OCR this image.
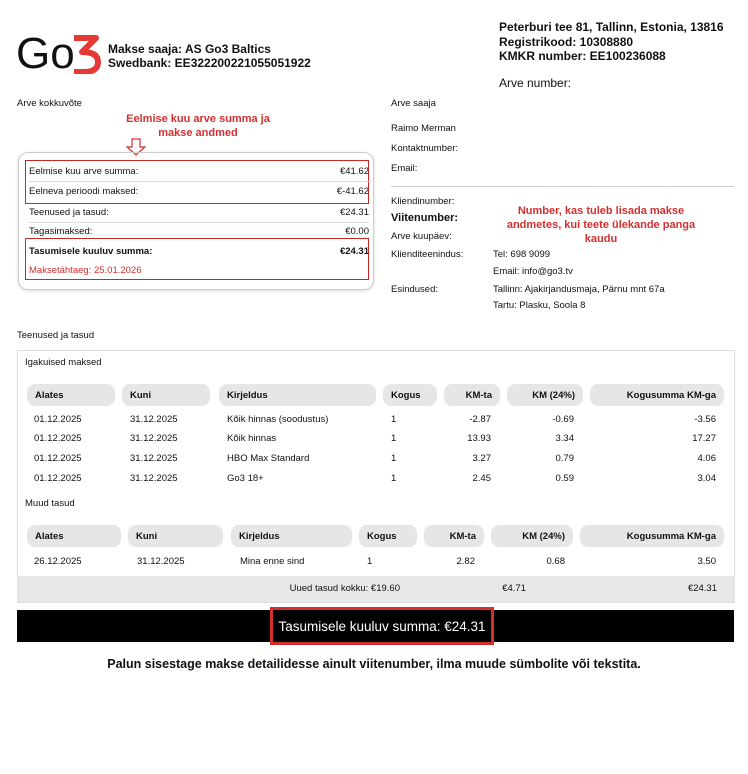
Go	Makse saaja: AS Go3 Baltics
Swedbank: EE322200221055051922
Peterburi tee 81, Tallinn, Estonia, 13816
Registrikood: 10308880
KMKR number: EE100236088
Arve number:
Arve kokkuvõte
Eelmise kuu arve summa ja makse andmed
Eelmise kuu arve summa:	€41.62
Eelneva perioodi maksed:	€-41.62
Teenused ja tasud:	€24.31
Tagasimaksed:	€0.00
Tasumisele kuuluv summa:	€24.31
Maksetähtaeg: 25.01.2026
Arve saaja
Raimo Merman
Kontaktnumber:
Email:
Kliendinumber:
Viitenumber:
Number, kas tuleb lisada makse andmetes, kui teete ülekande panga kaudu
Arve kuupäev:
Klienditeenindus:	Tel: 698 9099
Email: info@go3.tv
Esindused:	Tallinn: Ajakirjandusmaja, Pärnu mnt 67a
Tartu: Plasku, Soola 8
Teenused ja tasud
Igakuised maksed
Alates	Kuni	Kirjeldus	Kogus	KM-ta	KM (24%)	Kogusumma KM-ga
01.12.2025	31.12.2025	Kõik hinnas (soodustus)	1	-2.87	-0.69	-3.56
01.12.2025	31.12.2025	Kõik hinnas	1	13.93	3.34	17.27
01.12.2025	31.12.2025	HBO Max Standard	1	3.27	0.79	4.06
01.12.2025	31.12.2025	Go3 18+	1	2.45	0.59	3.04
Muud tasud
Alates	Kuni	Kirjeldus	Kogus	KM-ta	KM (24%)	Kogusumma KM-ga
26.12.2025	31.12.2025	Mina enne sind	1	2.82	0.68	3.50
Uued tasud kokku: €19.60	€4.71	€24.31
Tasumisele kuuluv summa: €24.31
Palun sisestage makse detailidesse ainult viitenumber, ilma muude sümbolite või tekstita.
